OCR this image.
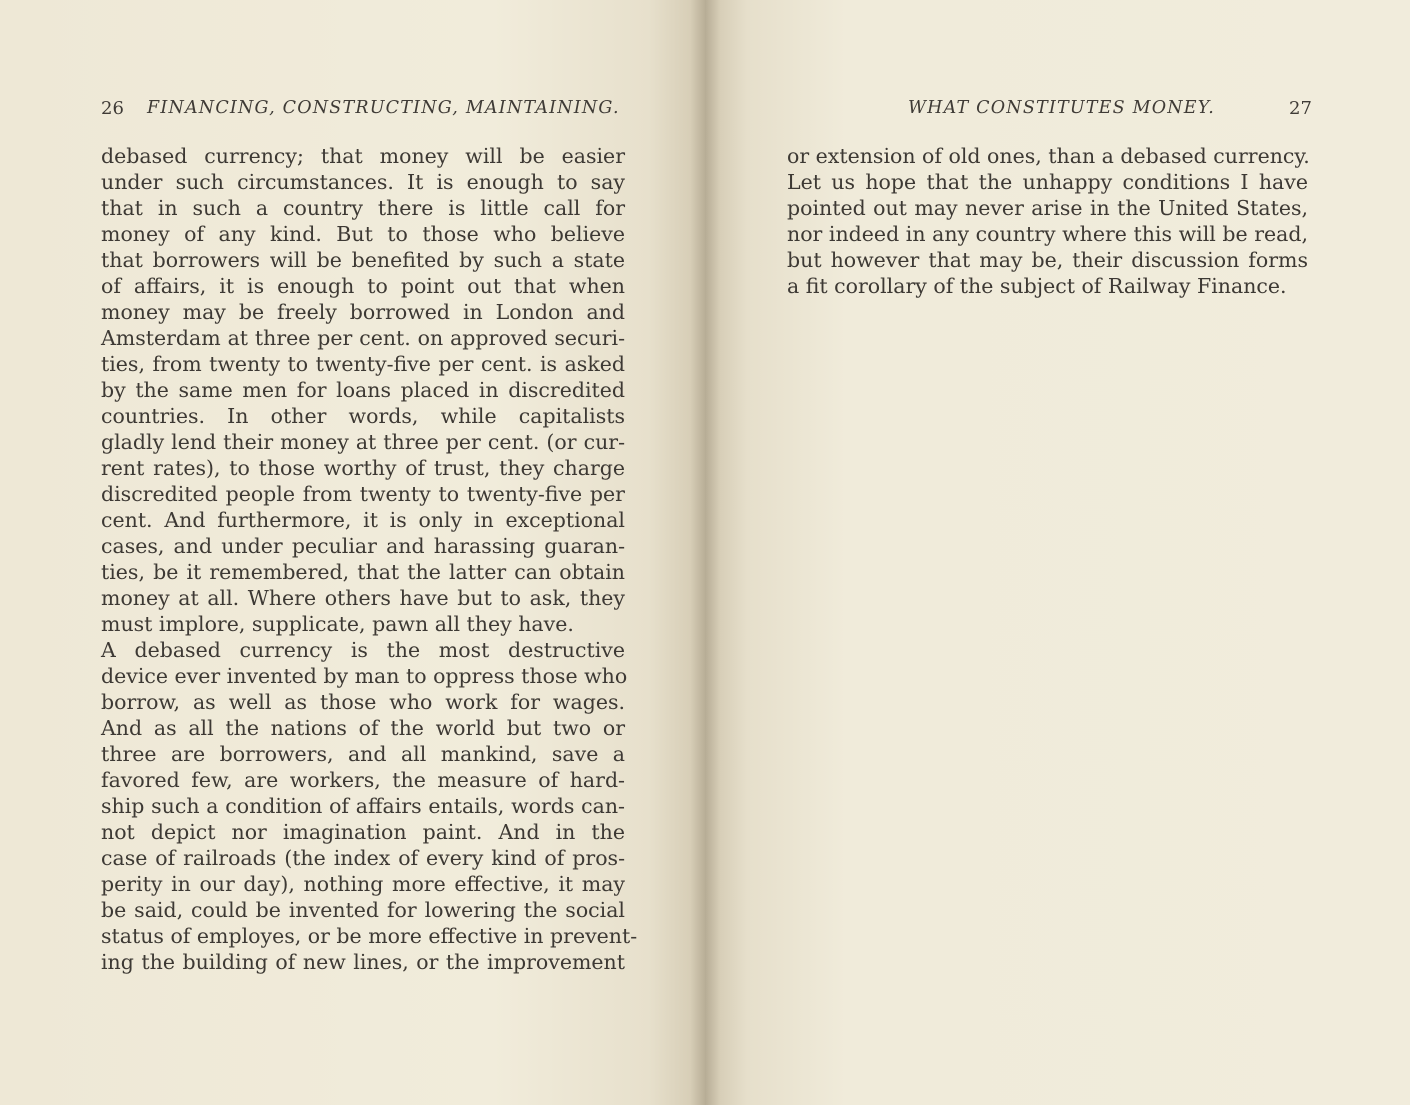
26 FINANCING, CONSTRUCTING, MAINTAINING.
debased currency; that money will be easier
under such circumstances. It is enough to say
that in such a country there is little call for
money of any kind. But to those who believe
that borrowers will be benefited by such a state
of affairs, it is enough to point out that when
money may be freely borrowed in London and
Amsterdam at three per cent. on approved securi-
ties, from twenty to twenty-five per cent. is asked
by the same men for loans placed in discredited
countries. In other words, while capitalists
gladly lend their money at three per cent. (or cur-
rent rates), to those worthy of trust, they charge
discredited people from twenty to twenty-five per
cent. And furthermore, it is only in exceptional
cases, and under peculiar and harassing guaran-
ties, be it remembered, that the latter can obtain
money at all. Where others have but to ask, they
must implore, supplicate, pawn all they have.
A debased currency is the most destructive
device ever invented by man to oppress those who
borrow, as well as those who work for wages.
And as all the nations of the world but two or
three are borrowers, and all mankind, save a
favored few, are workers, the measure of hard-
ship such a condition of affairs entails, words can-
not depict nor imagination paint. And in the
case of railroads (the index of every kind of pros-
perity in our day), nothing more effective, it may
be said, could be invented for lowering the social
status of employes, or be more effective in prevent-
ing the building of new lines, or the improvement
WHAT CONSTITUTES MONEY.	27
or extension of old ones, than a debased currency.
Let us hope that the unhappy conditions I have
pointed out may never arise in the United States,
nor indeed in any country where this will be read,
but however that may be, their discussion forms
a fit corollary of the subject of Railway Finance.
